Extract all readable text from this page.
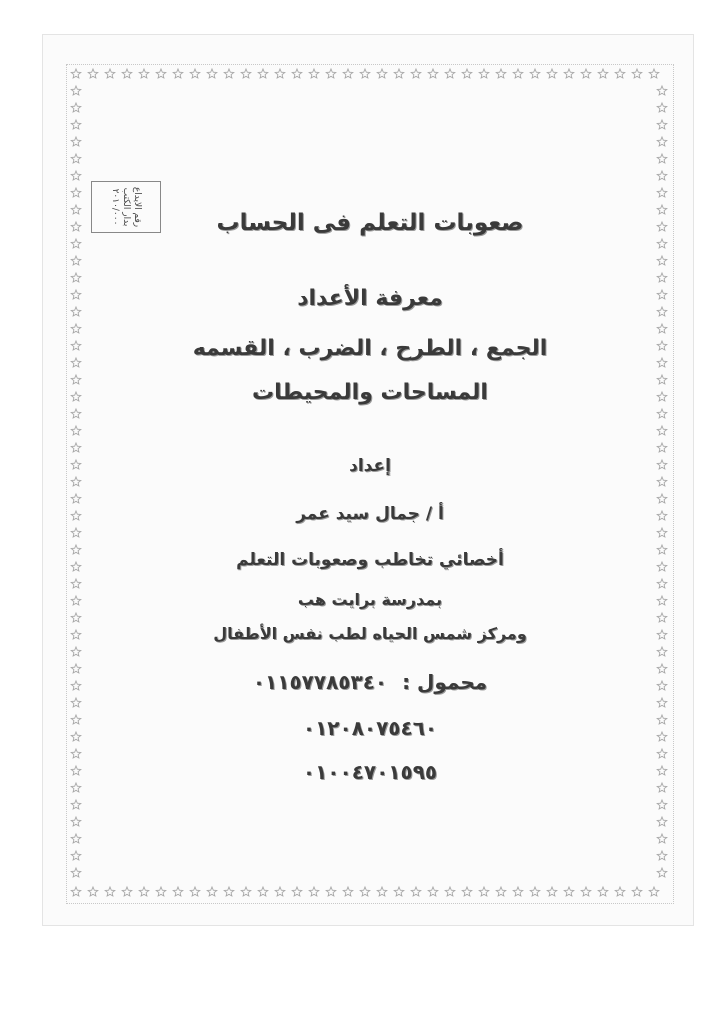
رقم الايداع
بدار الكتب
٢٠١٠/٠٠٠	صعوبات التعلم فى الحساب
معرفة الأعداد
الجمع ، الطرح ، الضرب ، القسمه
المساحات والمحيطات
إعداد
أ / جمال سيد عمر
أخصائي تخاطب وصعوبات التعلم
بمدرسة برايت هب
ومركز شمس الحياه لطب نفس الأطفال
محمول : ٠١١٥٧٧٨٥٣٤٠
٠١٢٠٨٠٧٥٤٦٠
٠١٠٠٤٧٠١٥٩٥
